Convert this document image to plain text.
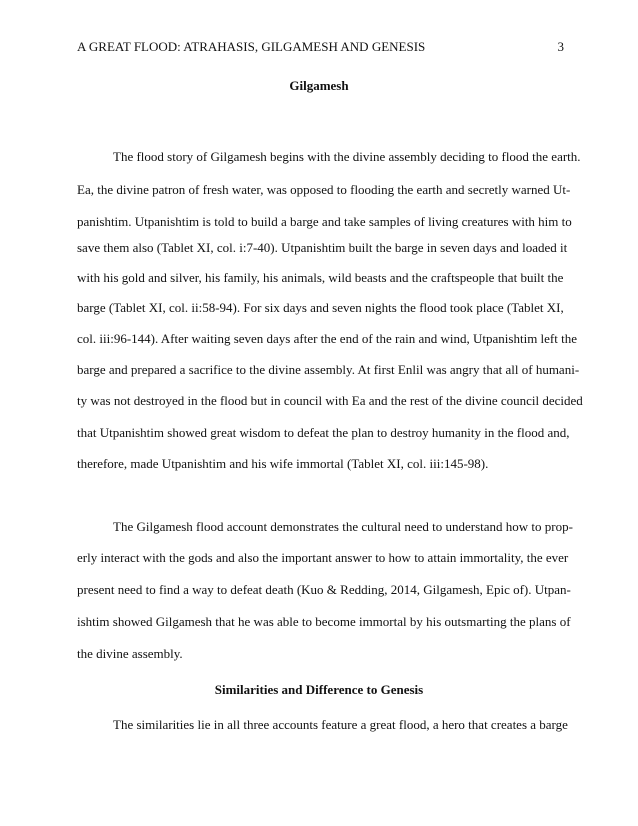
A GREAT FLOOD: ATRAHASIS, GILGAMESH AND GENESIS	3
Gilgamesh
The flood story of Gilgamesh begins with the divine assembly deciding to flood the earth.
Ea, the divine patron of fresh water, was opposed to flooding the earth and secretly warned Ut-
panishtim. Utpanishtim is told to build a barge and take samples of living creatures with him to
save them also (Tablet XI, col. i:7-40). Utpanishtim built the barge in seven days and loaded it
with his gold and silver, his family, his animals, wild beasts and the craftspeople that built the
barge (Tablet XI, col. ii:58-94). For six days and seven nights the flood took place (Tablet XI,
col. iii:96-144). After waiting seven days after the end of the rain and wind, Utpanishtim left the
barge and prepared a sacrifice to the divine assembly. At first Enlil was angry that all of humani-
ty was not destroyed in the flood but in council with Ea and the rest of the divine council decided
that Utpanishtim showed great wisdom to defeat the plan to destroy humanity in the flood and,
therefore, made Utpanishtim and his wife immortal (Tablet XI, col. iii:145-98).
The Gilgamesh flood account demonstrates the cultural need to understand how to prop-
erly interact with the gods and also the important answer to how to attain immortality, the ever
present need to find a way to defeat death (Kuo & Redding, 2014, Gilgamesh, Epic of). Utpan-
ishtim showed Gilgamesh that he was able to become immortal by his outsmarting the plans of
the divine assembly.
Similarities and Difference to Genesis
The similarities lie in all three accounts feature a great flood, a hero that creates a barge
